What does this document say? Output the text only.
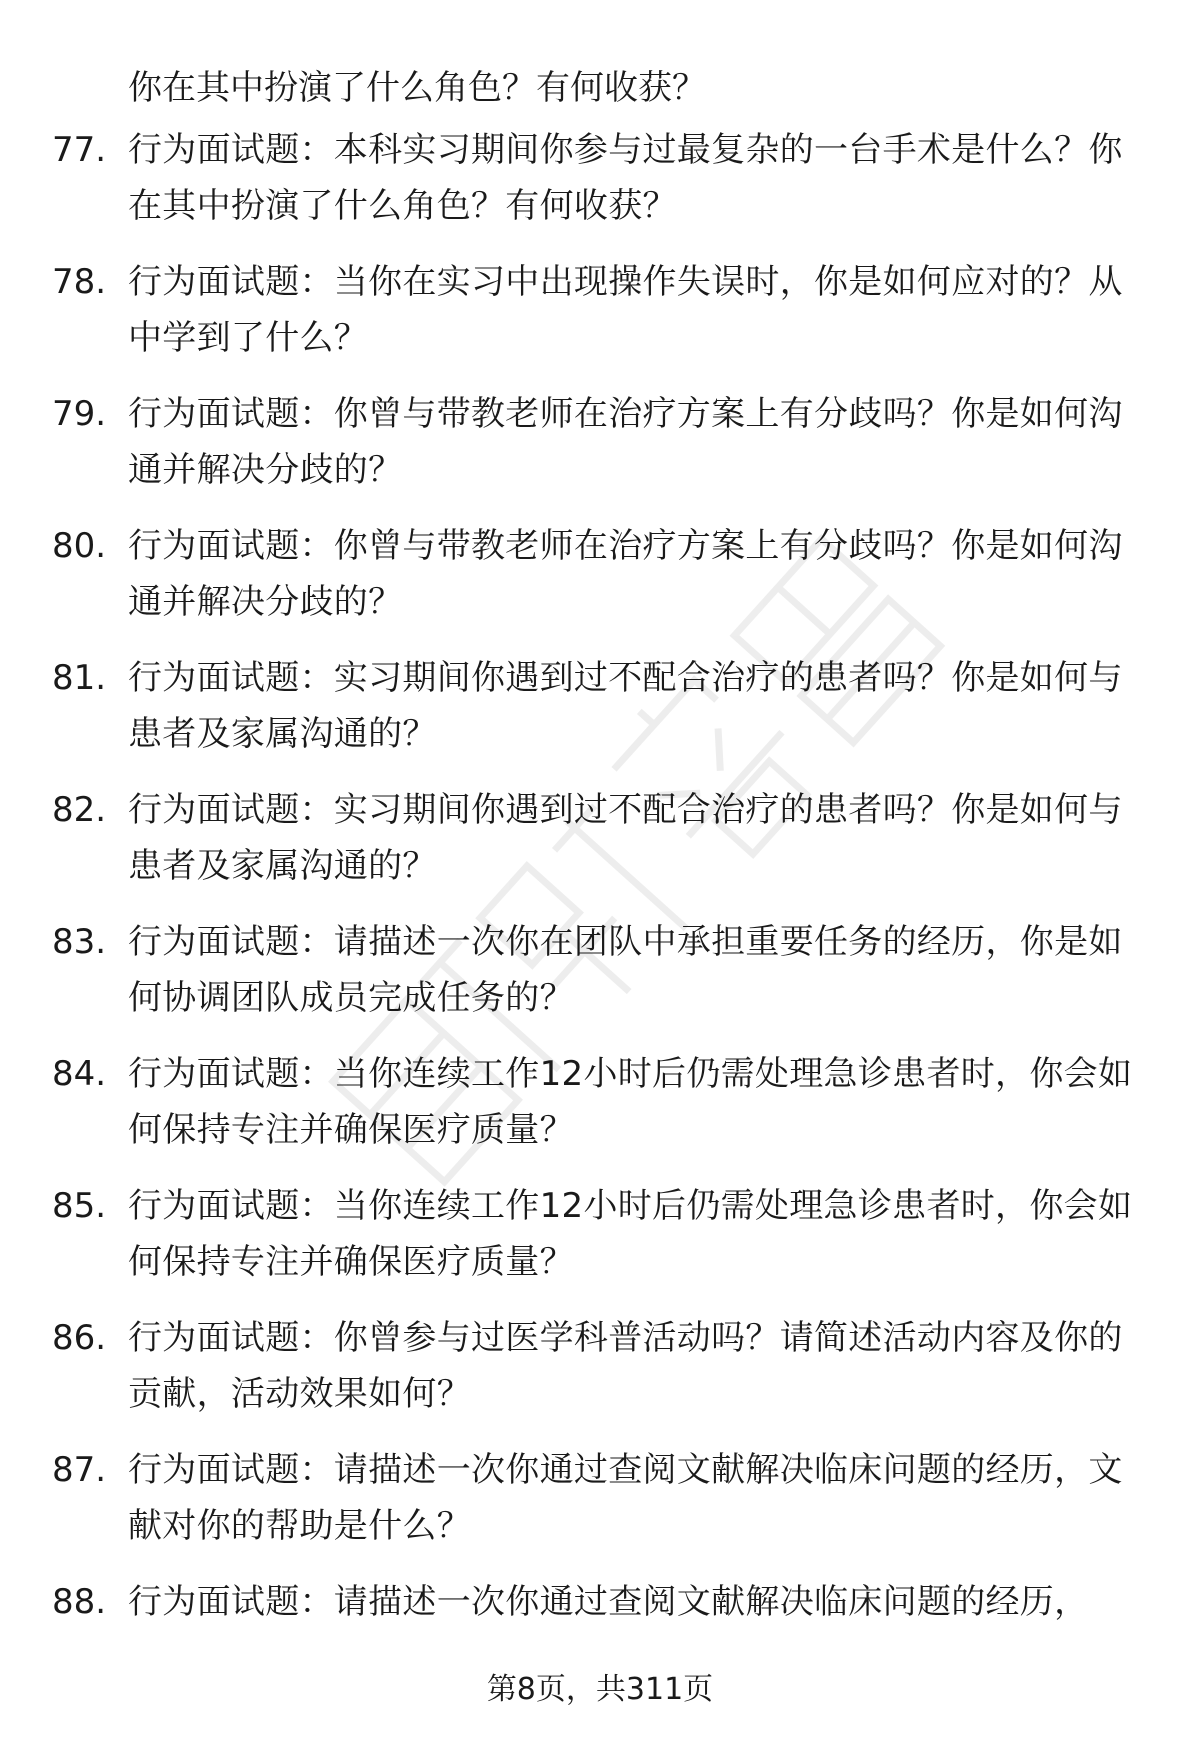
你在其中扮演了什么角色？有何收获？
77. 行为面试题：本科实习期间你参与过最复杂的一台手术是什么？你在其中扮演了什么角色？有何收获？
78. 行为面试题：当你在实习中出现操作失误时，你是如何应对的？从中学到了什么？
79. 行为面试题：你曾与带教老师在治疗方案上有分歧吗？你是如何沟通并解决分歧的？
80. 行为面试题：你曾与带教老师在治疗方案上有分歧吗？你是如何沟通并解决分歧的？
81. 行为面试题：实习期间你遇到过不配合治疗的患者吗？你是如何与患者及家属沟通的？
82. 行为面试题：实习期间你遇到过不配合治疗的患者吗？你是如何与患者及家属沟通的？
83. 行为面试题：请描述一次你在团队中承担重要任务的经历，你是如何协调团队成员完成任务的？
84. 行为面试题：当你连续工作12小时后仍需处理急诊患者时，你会如何保持专注并确保医疗质量？
85. 行为面试题：当你连续工作12小时后仍需处理急诊患者时，你会如何保持专注并确保医疗质量？
86. 行为面试题：你曾参与过医学科普活动吗？请简述活动内容及你的贡献，活动效果如何？
87. 行为面试题：请描述一次你通过查阅文献解决临床问题的经历，文献对你的帮助是什么？
88. 行为面试题：请描述一次你通过查阅文献解决临床问题的经历，
第8页，共311页
